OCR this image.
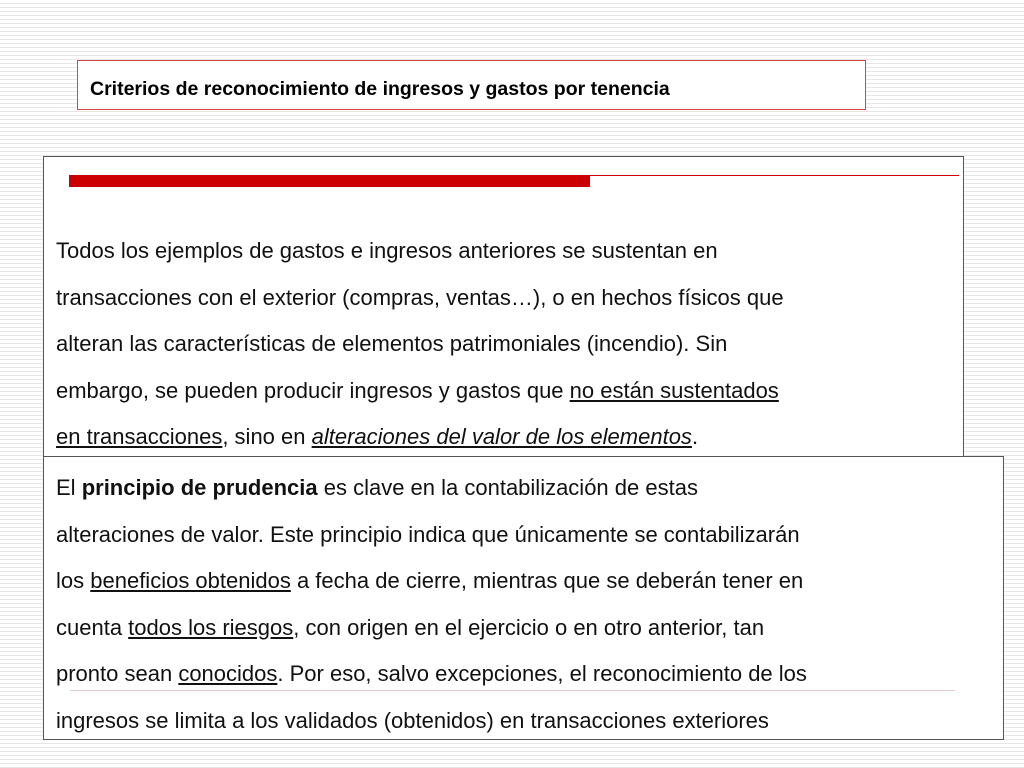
Criterios de reconocimiento de ingresos y gastos por tenencia

Todos los ejemplos de gastos e ingresos anteriores se sustentan en
transacciones con el exterior (compras, ventas…), o en hechos físicos que
alteran las características de elementos patrimoniales (incendio). Sin
embargo, se pueden producir ingresos y gastos que no están sustentados
en transacciones, sino en alteraciones del valor de los elementos.

El principio de prudencia es clave en la contabilización de estas
alteraciones de valor. Este principio indica que únicamente se contabilizarán
los beneficios obtenidos a fecha de cierre, mientras que se deberán tener en
cuenta todos los riesgos, con origen en el ejercicio o en otro anterior, tan
pronto sean conocidos. Por eso, salvo excepciones, el reconocimiento de los
ingresos se limita a los validados (obtenidos) en transacciones exteriores
